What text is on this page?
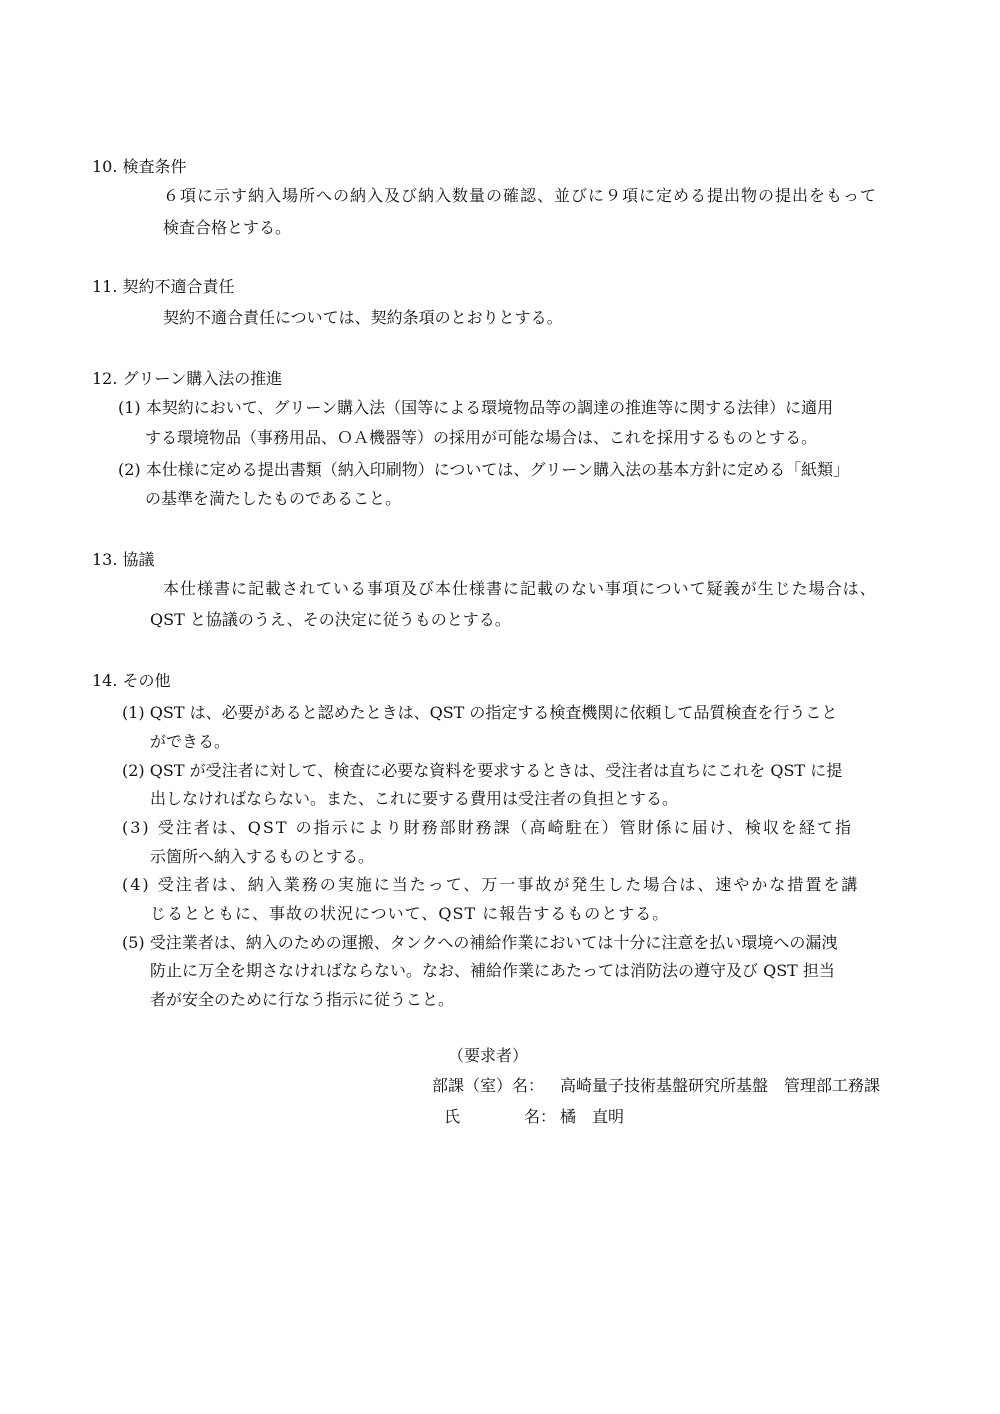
10. 検査条件
６項に示す納入場所への納入及び納入数量の確認、並びに９項に定める提出物の提出をもって
検査合格とする。
11. 契約不適合責任
契約不適合責任については、契約条項のとおりとする。
12. グリーン購入法の推進
(1) 本契約において、グリーン購入法（国等による環境物品等の調達の推進等に関する法律）に適用
する環境物品（事務用品、ＯＡ機器等）の採用が可能な場合は、これを採用するものとする。
(2) 本仕様に定める提出書類（納入印刷物）については、グリーン購入法の基本方針に定める「紙類」
の基準を満たしたものであること。
13. 協議
本仕様書に記載されている事項及び本仕様書に記載のない事項について疑義が生じた場合は、
QST と協議のうえ、その決定に従うものとする。
14. その他
(1) QST は、必要があると認めたときは、QST の指定する検査機関に依頼して品質検査を行うこと
ができる。
(2) QST が受注者に対して、検査に必要な資料を要求するときは、受注者は直ちにこれを QST に提
出しなければならない。また、これに要する費用は受注者の負担とする。
(3) 受注者は、QST の指示により財務部財務課（高崎駐在）管財係に届け、検収を経て指
示箇所へ納入するものとする。
(4) 受注者は、納入業務の実施に当たって、万一事故が発生した場合は、速やかな措置を講
じるとともに、事故の状況について、QST に報告するものとする。
(5) 受注業者は、納入のための運搬、タンクへの補給作業においては十分に注意を払い環境への漏洩
防止に万全を期さなければならない。なお、補給作業にあたっては消防法の遵守及び QST 担当
者が安全のために行なう指示に従うこと。
（要求者）
部課（室）名： 高崎量子技術基盤研究所基盤　管理部工務課
氏	名： 橘　直明
